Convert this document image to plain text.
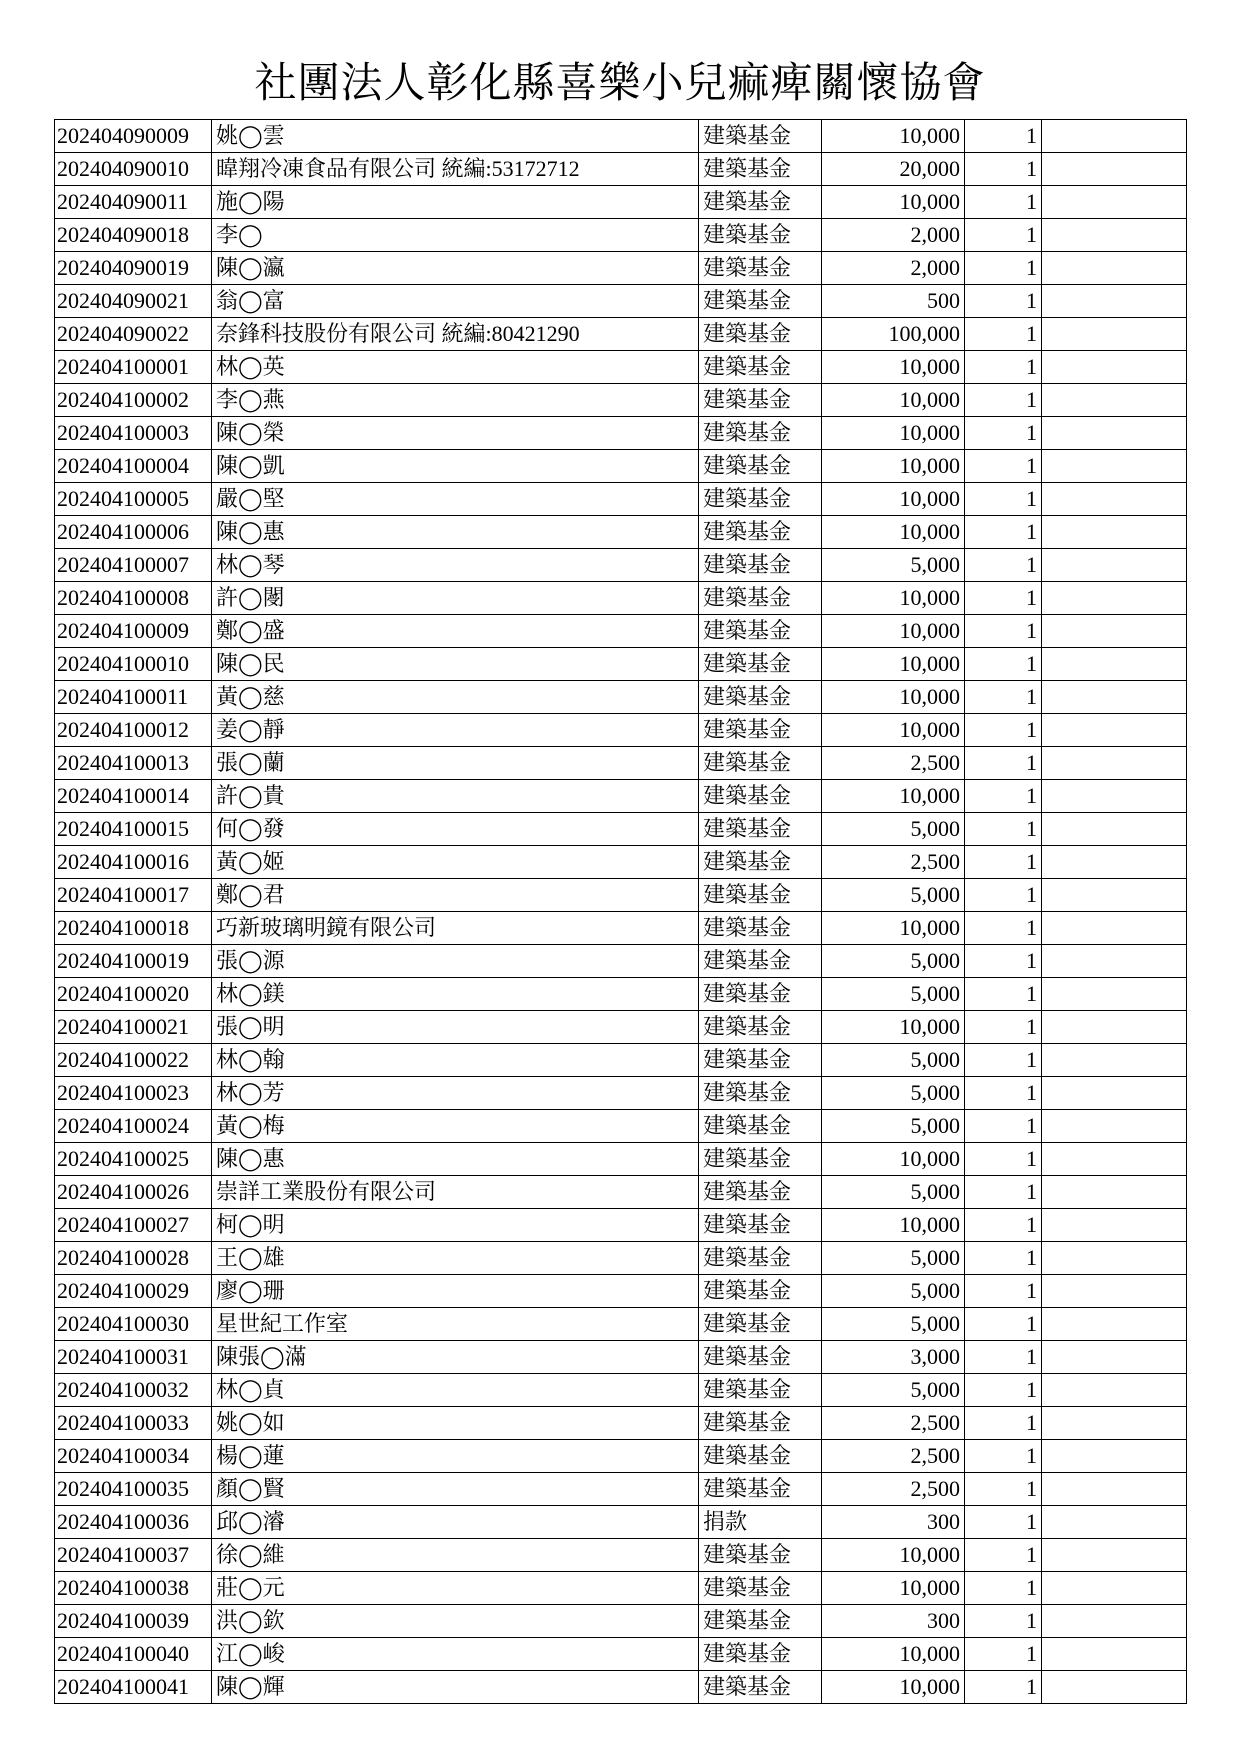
社團法人彰化縣喜樂小兒痲痺關懷協會
202404090009	姚◯雲	建築基金	10,000	1	
202404090010	暐翔冷凍食品有限公司 統編:53172712	建築基金	20,000	1	
202404090011	施◯陽	建築基金	10,000	1	
202404090018	李◯	建築基金	2,000	1	
202404090019	陳◯瀛	建築基金	2,000	1	
202404090021	翁◯富	建築基金	500	1	
202404090022	奈鋒科技股份有限公司 統編:80421290	建築基金	100,000	1	
202404100001	林◯英	建築基金	10,000	1	
202404100002	李◯燕	建築基金	10,000	1	
202404100003	陳◯榮	建築基金	10,000	1	
202404100004	陳◯凱	建築基金	10,000	1	
202404100005	嚴◯堅	建築基金	10,000	1	
202404100006	陳◯惠	建築基金	10,000	1	
202404100007	林◯琴	建築基金	5,000	1	
202404100008	許◯閿	建築基金	10,000	1	
202404100009	鄭◯盛	建築基金	10,000	1	
202404100010	陳◯民	建築基金	10,000	1	
202404100011	黃◯慈	建築基金	10,000	1	
202404100012	姜◯靜	建築基金	10,000	1	
202404100013	張◯蘭	建築基金	2,500	1	
202404100014	許◯貴	建築基金	10,000	1	
202404100015	何◯發	建築基金	5,000	1	
202404100016	黃◯姬	建築基金	2,500	1	
202404100017	鄭◯君	建築基金	5,000	1	
202404100018	巧新玻璃明鏡有限公司	建築基金	10,000	1	
202404100019	張◯源	建築基金	5,000	1	
202404100020	林◯鎂	建築基金	5,000	1	
202404100021	張◯明	建築基金	10,000	1	
202404100022	林◯翰	建築基金	5,000	1	
202404100023	林◯芳	建築基金	5,000	1	
202404100024	黃◯梅	建築基金	5,000	1	
202404100025	陳◯惠	建築基金	10,000	1	
202404100026	崇詳工業股份有限公司	建築基金	5,000	1	
202404100027	柯◯明	建築基金	10,000	1	
202404100028	王◯雄	建築基金	5,000	1	
202404100029	廖◯珊	建築基金	5,000	1	
202404100030	星世紀工作室	建築基金	5,000	1	
202404100031	陳張◯滿	建築基金	3,000	1	
202404100032	林◯貞	建築基金	5,000	1	
202404100033	姚◯如	建築基金	2,500	1	
202404100034	楊◯蓮	建築基金	2,500	1	
202404100035	顏◯賢	建築基金	2,500	1	
202404100036	邱◯濬	捐款	300	1	
202404100037	徐◯維	建築基金	10,000	1	
202404100038	莊◯元	建築基金	10,000	1	
202404100039	洪◯欽	建築基金	300	1	
202404100040	江◯峻	建築基金	10,000	1	
202404100041	陳◯輝	建築基金	10,000	1	
